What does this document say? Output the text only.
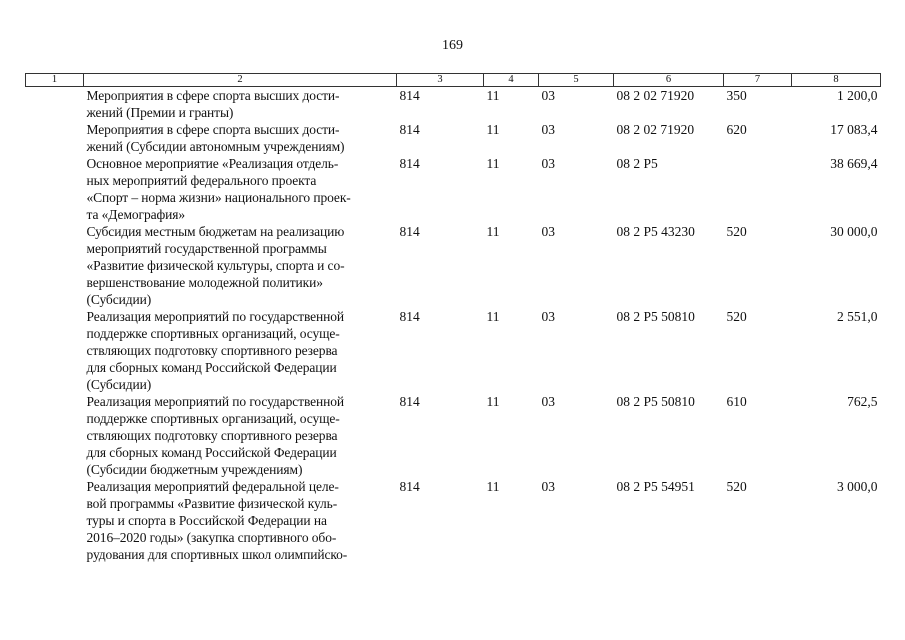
169
1	2	3	4	5	6	7	8
	Мероприятия в сфере спорта высших дости-
жений (Премии и гранты)	814	11	03	08 2 02 71920	350	1 200,0
	Мероприятия в сфере спорта высших дости-
жений (Субсидии автономным учреждениям)	814	11	03	08 2 02 71920	620	17 083,4
	Основное мероприятие «Реализация отдель-
ных мероприятий федерального проекта
«Спорт – норма жизни» национального проек-
та «Демография»	814	11	03	08 2 P5		38 669,4
	Субсидия местным бюджетам на реализацию
мероприятий государственной программы
«Развитие физической культуры, спорта и со-
вершенствование молодежной политики»
(Субсидии)	814	11	03	08 2 P5 43230	520	30 000,0
	Реализация мероприятий по государственной
поддержке спортивных организаций, осуще-
ствляющих подготовку спортивного резерва
для сборных команд Российской Федерации
(Субсидии)	814	11	03	08 2 P5 50810	520	2 551,0
	Реализация мероприятий по государственной
поддержке спортивных организаций, осуще-
ствляющих подготовку спортивного резерва
для сборных команд Российской Федерации
(Субсидии бюджетным учреждениям)	814	11	03	08 2 P5 50810	610	762,5
	Реализация мероприятий федеральной целе-
вой программы «Развитие физической куль-
туры и спорта в Российской Федерации на
2016–2020 годы» (закупка спортивного обо-
рудования для спортивных школ олимпийско-	814	11	03	08 2 P5 54951	520	3 000,0
